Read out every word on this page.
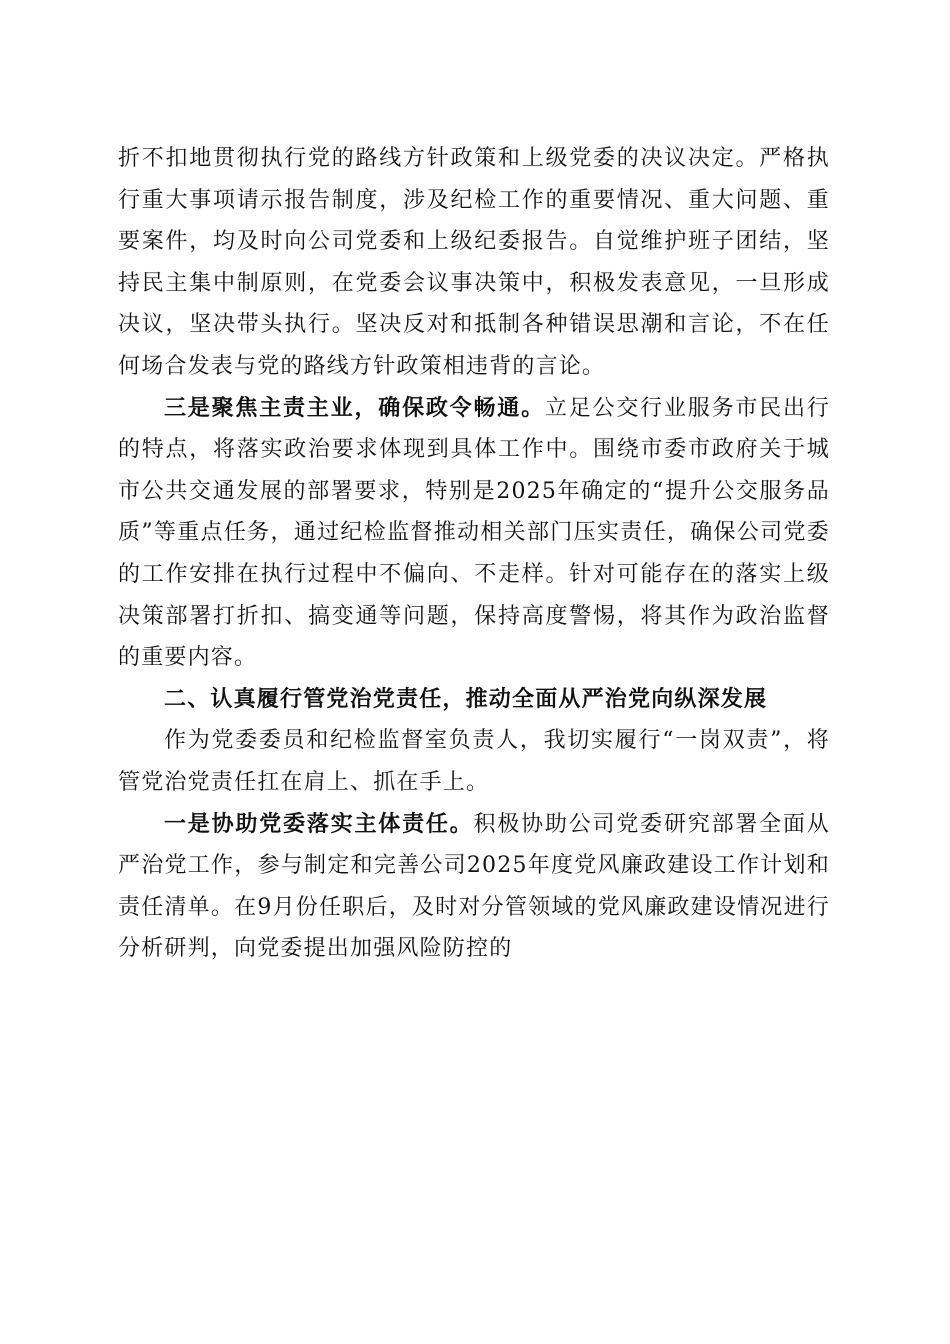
折不扣地贯彻执行党的路线方针政策和上级党委的决议决定。严格执行重大事项请示报告制度，涉及纪检工作的重要情况、重大问题、重要案件，均及时向公司党委和上级纪委报告。自觉维护班子团结，坚持民主集中制原则，在党委会议事决策中，积极发表意见，一旦形成决议，坚决带头执行。坚决反对和抵制各种错误思潮和言论，不在任何场合发表与党的路线方针政策相违背的言论。

三是聚焦主责主业，确保政令畅通。立足公交行业服务市民出行的特点，将落实政治要求体现到具体工作中。围绕市委市政府关于城市公共交通发展的部署要求，特别是2025年确定的“提升公交服务品质”等重点任务，通过纪检监督推动相关部门压实责任，确保公司党委的工作安排在执行过程中不偏向、不走样。针对可能存在的落实上级决策部署打折扣、搞变通等问题，保持高度警惕，将其作为政治监督的重要内容。

二、认真履行管党治党责任，推动全面从严治党向纵深发展

作为党委委员和纪检监督室负责人，我切实履行“一岗双责”，将管党治党责任扛在肩上、抓在手上。

一是协助党委落实主体责任。积极协助公司党委研究部署全面从严治党工作，参与制定和完善公司2025年度党风廉政建设工作计划和责任清单。在9月份任职后，及时对分管领域的党风廉政建设情况进行分析研判，向党委提出加强风险防控的
